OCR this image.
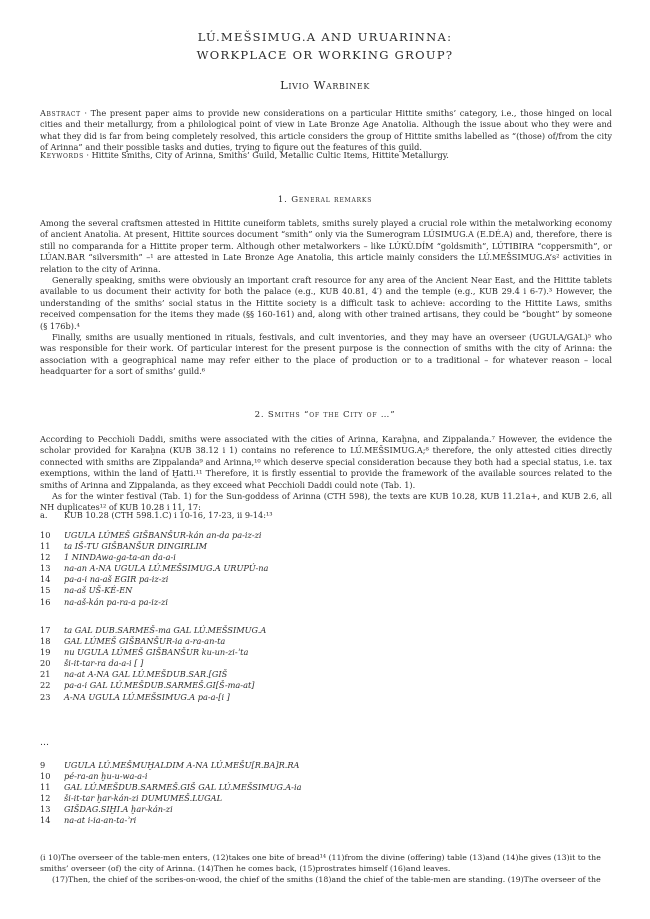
LÚ.MEŠSIMUG.A AND URUARINNA:
WORKPLACE OR WORKING GROUP?
Livio Warbinek
Abstract · The present paper aims to provide new considerations on a particular Hittite smiths’ category, i.e., those hinged on local cities and their metallurgy, from a philological point of view in Late Bronze Age Anatolia. Although the issue about who they were and what they did is far from being completely resolved, this article considers the group of Hittite smiths labelled as “(those) of/from the city of Arinna” and their possible tasks and duties, trying to figure out the features of this guild.
Keywords · Hittite Smiths, City of Arinna, Smiths’ Guild, Metallic Cultic Items, Hittite Metallurgy.
1. General remarks

Among the several craftsmen attested in Hittite cuneiform tablets, smiths surely played a crucial role within the metalworking economy of ancient Anatolia. At present, Hittite sources document “smith” only via the Sumerogram LÚSIMUG.A (E.DÉ.A) and, therefore, there is still no comparanda for a Hittite proper term. Although other metalworkers – like LÚKÙ.DÍM “goldsmith”, LÚTIBIRA “coppersmith”, or LÚAN.BAR “silversmith” –¹ are attested in Late Bronze Age Anatolia, this article mainly considers the LÚ.MEŠSIMUG.A’s² activities in relation to the city of Arinna.

Generally speaking, smiths were obviously an important craft resource for any area of the Ancient Near East, and the Hittite tablets available to us document their activity for both the palace (e.g., KUB 40.81, 4′) and the temple (e.g., KUB 29.4 i 6-7).³ However, the understanding of the smiths’ social status in the Hittite society is a difficult task to achieve: according to the Hittite Laws, smiths received compensation for the items they made (§§ 160-161) and, along with other trained artisans, they could be “bought” by someone (§ 176b).⁴

Finally, smiths are usually mentioned in rituals, festivals, and cult inventories, and they may have an overseer (UGULA/GAL)⁵ who was responsible for their work. Of particular interest for the present purpose is the connection of smiths with the city of Arinna: the association with a geographical name may refer either to the place of production or to a traditional – for whatever reason – local headquarter for a sort of smiths’ guild.⁶

2. Smiths “of the City of …”

According to Pecchioli Daddi, smiths were associated with the cities of Arinna, Karaḫna, and Zippalanda.⁷ However, the evidence the scholar provided for Karaḫna (KUB 38.12 i 1) contains no reference to LÚ.MEŠSIMUG.A;⁸ therefore, the only attested cities directly connected with smiths are Zippalanda⁹ and Arinna,¹⁰ which deserve special consideration because they both had a special status, i.e. tax exemptions, within the land of Ḫatti.¹¹ Therefore, it is firstly essential to provide the framework of the available sources related to the smiths of Arinna and Zippalanda, as they exceed what Pecchioli Daddi could note (Tab. 1).

As for the winter festival (Tab. 1) for the Sun-goddess of Arinna (CTH 598), the texts are KUB 10.28, KUB 11.21a+, and KUB 2.6, all NH duplicates¹² of KUB 10.28 i 11, 17:

a.	KUB 10.28 (CTH 598.1.C) i 10-16, 17-23, ii 9-14:¹³
10	UGULA LÚMEŠ GIŠBANŠUR-kán an-da pa-iz-zi
11	ta IŠ-TU GIŠBANŠUR DINGIRLIM
12	1 NINDAwa-ga-ta-an da-a-i
13	na-an A-NA UGULA LÚ.MEŠSIMUG.A URUPÚ-na
14	pa-a-i na-aš EGIR pa-iz-zi
15	na-aš UŠ-KÉ-EN
16	na-aš-kán pa-ra-a pa-iz-zi
17	ta GAL DUB.SARMEŠ-ma GAL LÚ.MEŠSIMUG.A
18	GAL LÚMEŠ GIŠBANŠUR-ia a-ra-an-ta
19	nu UGULA LÚMEŠ GIŠBANŠUR ku-un-zi-ʾta
20	ši-it-tar-ra da-a-i [ ]
21	na-at A-NA GAL LÚ.MEŠDUB.SAR.[GIŠ
22	pa-a-i GAL LÚ.MEŠDUB.SARMEŠ.GI[Š-ma-at]
23	A-NA UGULA LÚ.MEŠSIMUG.A pa-a-[i ]
…
9	UGULA LÚ.MEŠMUḪALDIM A-NA LÚ.MEŠU[R.BA]R.RA
10	pé-ra-an ḫu-u-wa-a-i
11	GAL LÚ.MEŠDUB.SARMEŠ.GIŠ GAL LÚ.MEŠSIMUG.A-ia
12	ši-it-tar ḫar-kán-zi DUMUMEŠ.LUGAL
13	GIŠDAG.SIḪI.A ḫar-kán-zi
14	na-at i-ia-an-ta-ʾri

(i 10)The overseer of the table-men enters, (12)takes one bite of bread¹⁴ (11)from the divine (offering) table (13)and (14)he gives (13)it to the smiths’ overseer (of) the city of Arinna. (14)Then he comes back, (15)prostrates himself (16)and leaves.

(17)Then, the chief of the scribes-on-wood, the chief of the smiths (18)and the chief of the table-men are standing. (19)The overseer of the
